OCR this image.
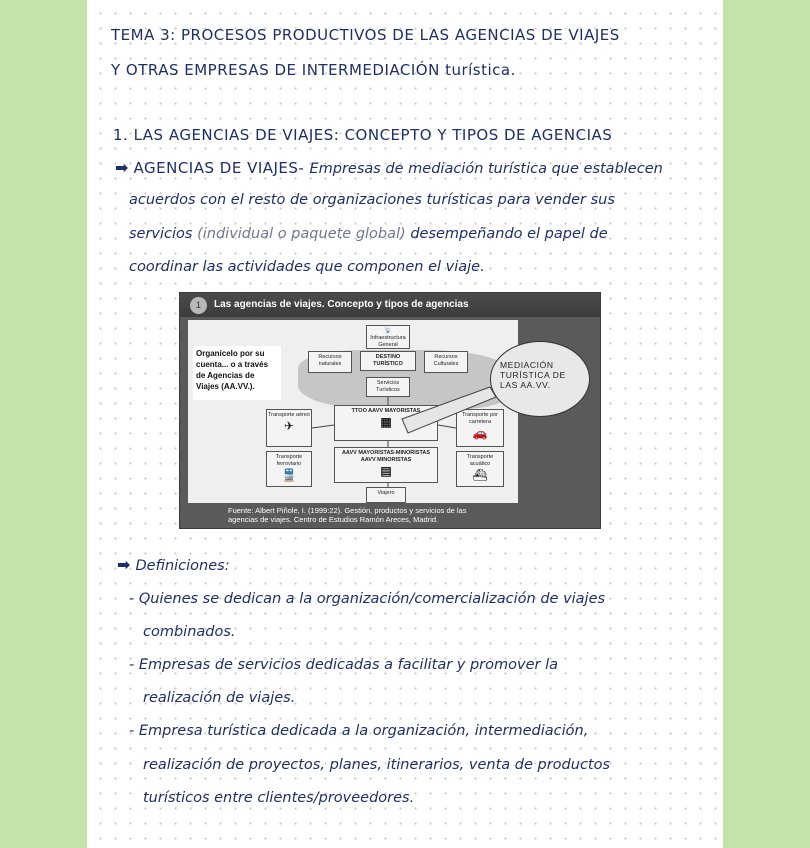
TEMA 3: PROCESOS PRODUCTIVOS DE LAS AGENCIAS DE VIAJES
Y OTRAS EMPRESAS DE INTERMEDIACIÓN turística.
1. LAS AGENCIAS DE VIAJES: CONCEPTO Y TIPOS DE AGENCIAS
➡ AGENCIAS DE VIAJES- Empresas de mediación turística que establecen
acuerdos con el resto de organizaciones turísticas para vender sus
servicios (individual o paquete global) desempeñando el papel de
coordinar las actividades que componen el viaje.
1	Las agencias de viajes. Concepto y tipos de agencias
Organícelo por su cuenta... o a través de Agencias de Viajes (AA.VV.).
📡
Infraestructura General
Recursos naturales
DESTINO TURÍSTICO
Recursos Culturales
Servicios Turísticos
Transporte aéreo
✈
TTOO AAVV MAYORISTAS
▦	Transporte por carretera
🚗
Transporte ferroviario
🚆
AAVV MAYORISTAS-MINORISTAS AAVV MINORISTAS
▤
Transporte acuático
⛴
Viajero
MEDIACIÓN
TURÍSTICA DE
LAS AA.VV.
Fuente: Albert Piñole, I. (1999:22). Gestión, productos y servicios de las
agencias de viajes. Centro de Estudios Ramón Areces, Madrid.
➡ Definiciones:
- Quienes se dedican a la organización/comercialización de viajes
combinados.
- Empresas de servicios dedicadas a facilitar y promover la
realización de viajes.
- Empresa turística dedicada a la organización, intermediación,
realización de proyectos, planes, itinerarios, venta de productos
turísticos entre clientes/proveedores.
